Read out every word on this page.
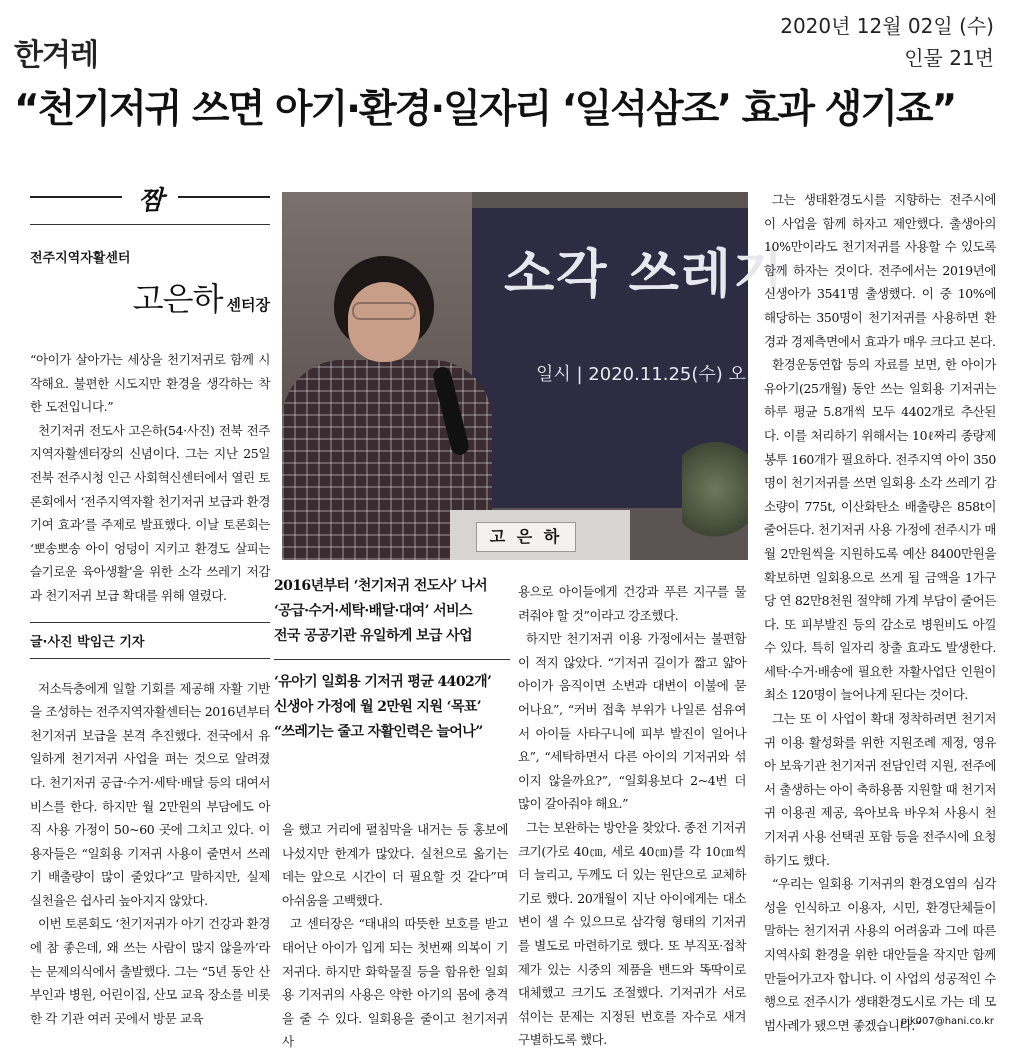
한겨레
2020년 12월 02일 (수)
인물 21면
“천기저귀 쓰면 아기·환경·일자리 ‘일석삼조’ 효과 생기죠”
짬
전주지역자활센터
고은하 센터장

“아이가 살아가는 세상을 천기저귀로 함께 시작해요. 불편한 시도지만 환경을 생각하는 착한 도전입니다.”

천기저귀 전도사 고은하(54·사진) 전북 전주지역자활센터장의 신념이다. 그는 지난 25일 전북 전주시청 인근 사회혁신센터에서 열린 토론회에서 ‘전주지역자활 천기저귀 보급과 환경 기여 효과’를 주제로 발표했다. 이날 토론회는 ‘뽀송뽀송 아이 엉덩이 지키고 환경도 살피는 슬기로운 육아생활’을 위한 소각 쓰레기 저감과 천기저귀 보급 확대를 위해 열렸다.

글·사진 박임근 기자

저소득층에게 일할 기회를 제공해 자활 기반을 조성하는 전주지역자활센터는 2016년부터 천기저귀 보급을 본격 추진했다. 전국에서 유일하게 천기저귀 사업을 펴는 것으로 알려졌다. 천기저귀 공급·수거·세탁·배달 등의 대여서비스를 한다. 하지만 월 2만원의 부담에도 아직 사용 가정이 50~60 곳에 그치고 있다. 이용자들은 “일회용 기저귀 사용이 줄면서 쓰레기 배출량이 많이 줄었다”고 말하지만, 실제 실천율은 쉽사리 높아지지 않았다.

이번 토론회도 ‘천기저귀가 아기 건강과 환경에 참 좋은데, 왜 쓰는 사람이 많지 않을까’라는 문제의식에서 출발했다. 그는 “5년 동안 산부인과 병원, 어린이집, 산모 교육 장소를 비롯한 각 기관 여러 곳에서 방문 교육

소각 쓰레기
일시 | 2020.11.25(수) 오
고 은 하
2016년부터 ‘천기저귀 전도사’ 나서
‘공급·수거·세탁·배달·대여’ 서비스
전국 공공기관 유일하게 보급 사업
‘유아기 일회용 기저귀 평균 4402개’
신생아 가정에 월 2만원 지원 ‘목표’
“쓰레기는 줄고 자활인력은 늘어나”

을 했고 거리에 펼침막을 내거는 등 홍보에 나섰지만 한계가 많았다. 실천으로 옮기는 데는 앞으로 시간이 더 필요할 것 같다”며 아쉬움을 고백했다.

고 센터장은 “태내의 따뜻한 보호를 받고 태어난 아이가 입게 되는 첫번째 의복이 기저귀다. 하지만 화학물질 등을 함유한 일회용 기저귀의 사용은 약한 아기의 몸에 충격을 줄 수 있다. 일회용을 줄이고 천기저귀 사

용으로 아이들에게 건강과 푸른 지구를 물려줘야 할 것”이라고 강조했다.

하지만 천기저귀 이용 가정에서는 불편함이 적지 않았다. “기저귀 길이가 짧고 얇아 아이가 움직이면 소변과 대변이 이불에 묻어나요”, “커버 접촉 부위가 나일론 섬유여서 아이들 사타구니에 피부 발진이 일어나요”, “세탁하면서 다른 아이의 기저귀와 섞이지 않을까요?”, “일회용보다 2~4번 더 많이 갈아줘야 해요.”

그는 보완하는 방안을 찾았다. 종전 기저귀 크기(가로 40㎝, 세로 40㎝)를 각 10㎝씩 더 늘리고, 두께도 더 있는 원단으로 교체하기로 했다. 20개월이 지난 아이에게는 대소변이 샐 수 있으므로 삼각형 형태의 기저귀를 별도로 마련하기로 했다. 또 부직포·접착제가 있는 시중의 제품을 밴드와 똑딱이로 대체했고 크기도 조절했다. 기저귀가 서로 섞이는 문제는 지정된 번호를 자수로 새겨 구별하도록 했다.

그는 생태환경도시를 지향하는 전주시에 이 사업을 함께 하자고 제안했다. 출생아의 10%만이라도 천기저귀를 사용할 수 있도록 함께 하자는 것이다. 전주에서는 2019년에 신생아가 3541명 출생했다. 이 중 10%에 해당하는 350명이 천기저귀를 사용하면 환경과 경제측면에서 효과가 매우 크다고 본다.

환경운동연합 등의 자료를 보면, 한 아이가 유아기(25개월) 동안 쓰는 일회용 기저귀는 하루 평균 5.8개씩 모두 4402개로 추산된다. 이를 처리하기 위해서는 10ℓ짜리 종량제봉투 160개가 필요하다. 전주지역 아이 350명이 천기저귀를 쓰면 일회용 소각 쓰레기 감소량이 775t, 이산화탄소 배출량은 858t이 줄어든다. 천기저귀 사용 가정에 전주시가 매월 2만원씩을 지원하도록 예산 8400만원을 확보하면 일회용으로 쓰게 될 금액을 1가구당 연 82만8천원 절약해 가계 부담이 줄어든다. 또 피부발진 등의 감소로 병원비도 아낄 수 있다. 특히 일자리 창출 효과도 발생한다. 세탁·수거·배송에 필요한 자활사업단 인원이 최소 120명이 늘어나게 된다는 것이다.

그는 또 이 사업이 확대 정착하려면 천기저귀 이용 활성화를 위한 지원조례 제정, 영유아 보육기관 천기저귀 전담인력 지원, 전주에서 출생하는 아이 축하용품 지원할 때 천기저귀 이용권 제공, 육아보육 바우처 사용시 천기저귀 사용 선택권 포함 등을 전주시에 요청하기도 했다.

“우리는 일회용 기저귀의 환경오염의 심각성을 인식하고 이용자, 시민, 환경단체들이 말하는 천기저귀 사용의 어려움과 그에 따른 지역사회 환경을 위한 대안들을 작지만 함께 만들어가고자 합니다. 이 사업의 성공적인 수행으로 전주시가 생태환경도시로 가는 데 모범사례가 됐으면 좋겠습니다.”

pik007@hani.co.kr
